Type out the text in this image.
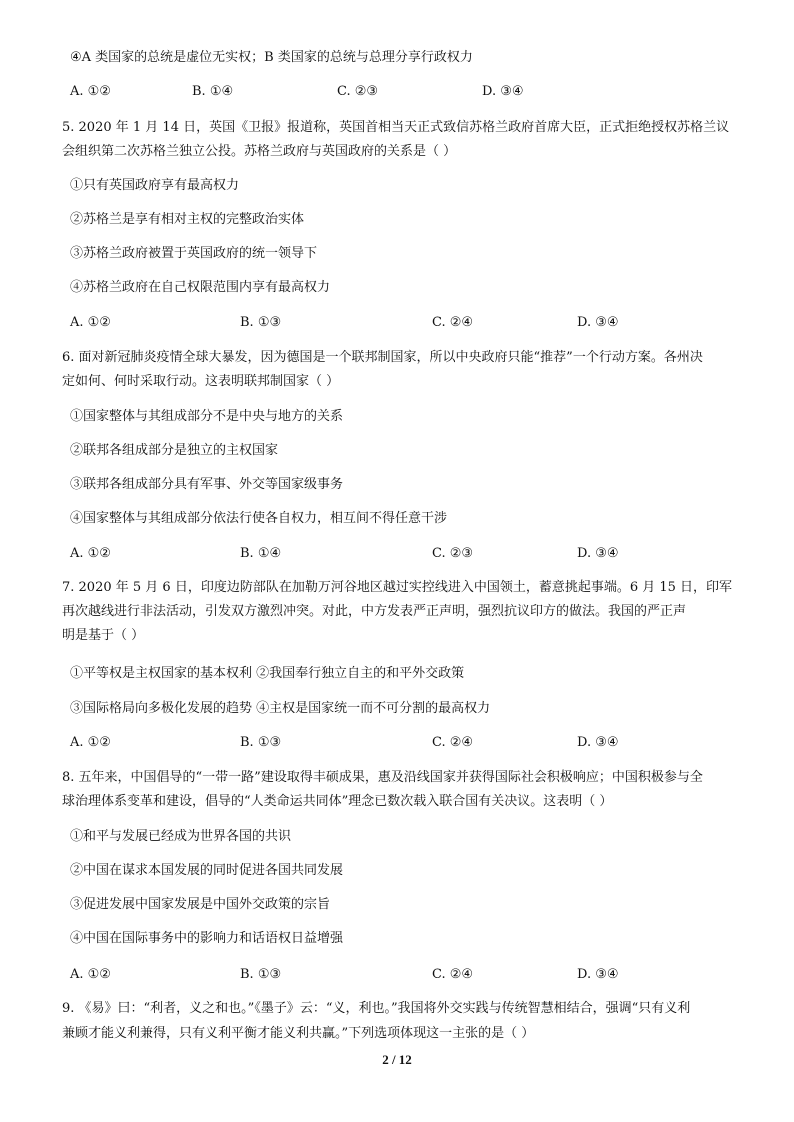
④A 类国家的总统是虚位无实权；B 类国家的总统与总理分享行政权力
A. ①②	B. ①④	C. ②③	D. ③④
5. 2020 年 1 月 14 日，英国《卫报》报道称，英国首相当天正式致信苏格兰政府首席大臣，正式拒绝授权苏格兰议
会组织第二次苏格兰独立公投。苏格兰政府与英国政府的关系是（ ）
①只有英国政府享有最高权力
②苏格兰是享有相对主权的完整政治实体
③苏格兰政府被置于英国政府的统一领导下
④苏格兰政府在自己权限范围内享有最高权力
A. ①②	B. ①③	C. ②④	D. ③④
6. 面对新冠肺炎疫情全球大暴发，因为德国是一个联邦制国家，所以中央政府只能“推荐”一个行动方案。各州决
定如何、何时采取行动。这表明联邦制国家（ ）
①国家整体与其组成部分不是中央与地方的关系
②联邦各组成部分是独立的主权国家
③联邦各组成部分具有军事、外交等国家级事务
④国家整体与其组成部分依法行使各自权力，相互间不得任意干涉
A. ①②	B. ①④	C. ②③	D. ③④
7. 2020 年 5 月 6 日，印度边防部队在加勒万河谷地区越过实控线进入中国领土，蓄意挑起事端。6 月 15 日，印军
再次越线进行非法活动，引发双方激烈冲突。对此，中方发表严正声明，强烈抗议印方的做法。我国的严正声
明是基于（ ）
①平等权是主权国家的基本权利 ②我国奉行独立自主的和平外交政策
③国际格局向多极化发展的趋势 ④主权是国家统一而不可分割的最高权力
A. ①②	B. ①③	C. ②④	D. ③④
8. 五年来，中国倡导的“一带一路”建设取得丰硕成果，惠及沿线国家并获得国际社会积极响应；中国积极参与全
球治理体系变革和建设，倡导的“人类命运共同体”理念已数次载入联合国有关决议。这表明（ ）
①和平与发展已经成为世界各国的共识
②中国在谋求本国发展的同时促进各国共同发展
③促进发展中国家发展是中国外交政策的宗旨
④中国在国际事务中的影响力和话语权日益增强
A. ①②	B. ①③	C. ②④	D. ③④
9. 《易》曰：“利者，义之和也。”《墨子》云：“义，利也。”我国将外交实践与传统智慧相结合，强调“只有义利
兼顾才能义利兼得，只有义利平衡才能义利共赢。”下列选项体现这一主张的是（ ）
2 / 12
